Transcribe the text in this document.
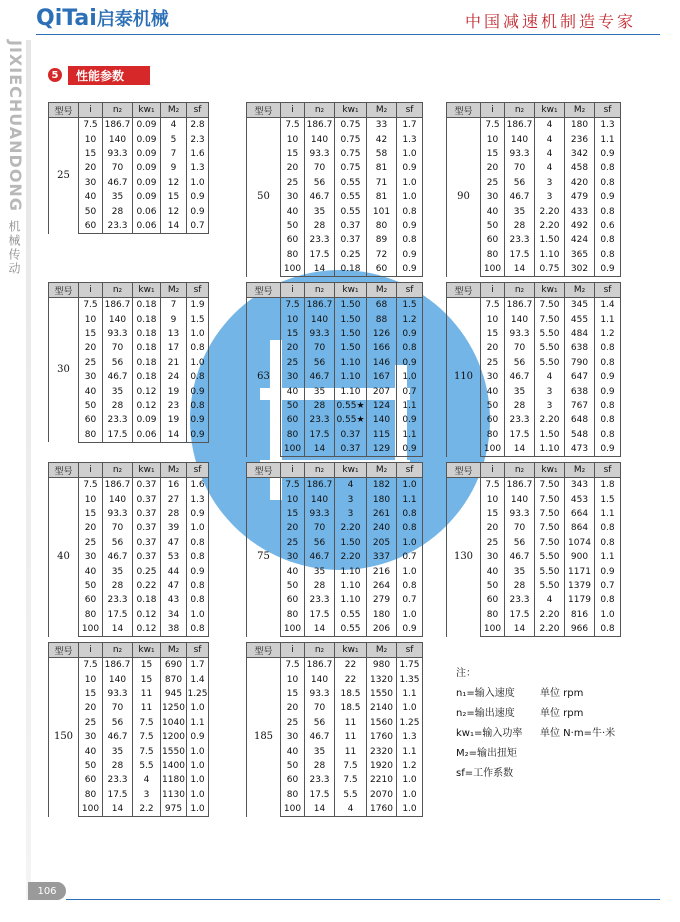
QiTai启泰机械	中国减速机制造专家
JIXIECHUANDONG
机械传动
5	性能参数
型号	i	n₂	kw₁	M₂	sf
25	7.5	186.7	0.09	4	2.8
	10	140	0.09	5	2.3
	15	93.3	0.09	7	1.6
	20	70	0.09	9	1.3
	30	46.7	0.09	12	1.0
	40	35	0.09	15	0.9
	50	28	0.06	12	0.9
	60	23.3	0.06	14	0.7
型号	i	n₂	kw₁	M₂	sf
50	7.5	186.7	0.75	33	1.7
	10	140	0.75	42	1.3
	15	93.3	0.75	58	1.0
	20	70	0.75	81	0.9
	25	56	0.55	71	1.0
	30	46.7	0.55	81	1.0
	40	35	0.55	101	0.8
	50	28	0.37	80	0.9
	60	23.3	0.37	89	0.8
	80	17.5	0.25	72	0.9
	100	14	0.18	60	0.9
型号	i	n₂	kw₁	M₂	sf
90	7.5	186.7	4	180	1.3
	10	140	4	236	1.1
	15	93.3	4	342	0.9
	20	70	4	458	0.8
	25	56	3	420	0.8
	30	46.7	3	479	0.9
	40	35	2.20	433	0.8
	50	28	2.20	492	0.6
	60	23.3	1.50	424	0.8
	80	17.5	1.10	365	0.8
	100	14	0.75	302	0.9
型号	i	n₂	kw₁	M₂	sf
30	7.5	186.7	0.18	7	1.9
	10	140	0.18	9	1.5
	15	93.3	0.18	13	1.0
	20	70	0.18	17	0.8
	25	56	0.18	21	1.0
	30	46.7	0.18	24	0.8
	40	35	0.12	19	0.9
	50	28	0.12	23	0.8
	60	23.3	0.09	19	0.9
	80	17.5	0.06	14	0.9
型号	i	n₂	kw₁	M₂	sf
63	7.5	186.7	1.50	68	1.5
	10	140	1.50	88	1.2
	15	93.3	1.50	126	0.9
	20	70	1.50	166	0.8
	25	56	1.10	146	0.9
	30	46.7	1.10	167	1.0
	40	35	1.10	207	0.7
	50	28	0.55★	124	1.1
	60	23.3	0.55★	140	0.9
	80	17.5	0.37	115	1.1
	100	14	0.37	129	0.9
型号	i	n₂	kw₁	M₂	sf
110	7.5	186.7	7.50	345	1.4
	10	140	7.50	455	1.1
	15	93.3	5.50	484	1.2
	20	70	5.50	638	0.8
	25	56	5.50	790	0.8
	30	46.7	4	647	0.9
	40	35	3	638	0.9
	50	28	3	767	0.8
	60	23.3	2.20	648	0.8
	80	17.5	1.50	548	0.8
	100	14	1.10	473	0.9
型号	i	n₂	kw₁	M₂	sf
40	7.5	186.7	0.37	16	1.6
	10	140	0.37	27	1.3
	15	93.3	0.37	28	0.9
	20	70	0.37	39	1.0
	25	56	0.37	47	0.8
	30	46.7	0.37	53	0.8
	40	35	0.25	44	0.9
	50	28	0.22	47	0.8
	60	23.3	0.18	43	0.8
	80	17.5	0.12	34	1.0
	100	14	0.12	38	0.8
型号	i	n₂	kw₁	M₂	sf
75	7.5	186.7	4	182	1.0
	10	140	3	180	1.1
	15	93.3	3	261	0.8
	20	70	2.20	240	0.8
	25	56	1.50	205	1.0
	30	46.7	2.20	337	0.7
	40	35	1.10	216	1.0
	50	28	1.10	264	0.8
	60	23.3	1.10	279	0.7
	80	17.5	0.55	180	1.0
	100	14	0.55	206	0.9
型号	i	n₂	kw₁	M₂	sf
130	7.5	186.7	7.50	343	1.8
	10	140	7.50	453	1.5
	15	93.3	7.50	664	1.1
	20	70	7.50	864	0.8
	25	56	7.50	1074	0.8
	30	46.7	5.50	900	1.1
	40	35	5.50	1171	0.9
	50	28	5.50	1379	0.7
	60	23.3	4	1179	0.8
	80	17.5	2.20	816	1.0
	100	14	2.20	966	0.8
型号	i	n₂	kw₁	M₂	sf
150	7.5	186.7	15	690	1.7
	10	140	15	870	1.4
	15	93.3	11	945	1.25
	20	70	11	1250	1.0
	25	56	7.5	1040	1.1
	30	46.7	7.5	1200	0.9
	40	35	7.5	1550	1.0
	50	28	5.5	1400	1.0
	60	23.3	4	1180	1.0
	80	17.5	3	1130	1.0
	100	14	2.2	975	1.0
型号	i	n₂	kw₁	M₂	sf
185	7.5	186.7	22	980	1.75
	10	140	22	1320	1.35
	15	93.3	18.5	1550	1.1
	20	70	18.5	2140	1.0
	25	56	11	1560	1.25
	30	46.7	11	1760	1.3
	40	35	11	2320	1.1
	50	28	7.5	1920	1.2
	60	23.3	7.5	2210	1.0
	80	17.5	5.5	2070	1.0
	100	14	4	1760	1.0
注：
n₁=输入速度	单位 rpm
n₂=输出速度	单位 rpm
kw₁=输入功率	单位 N·m=牛·米
M₂=输出扭矩
sf=工作系数
106
